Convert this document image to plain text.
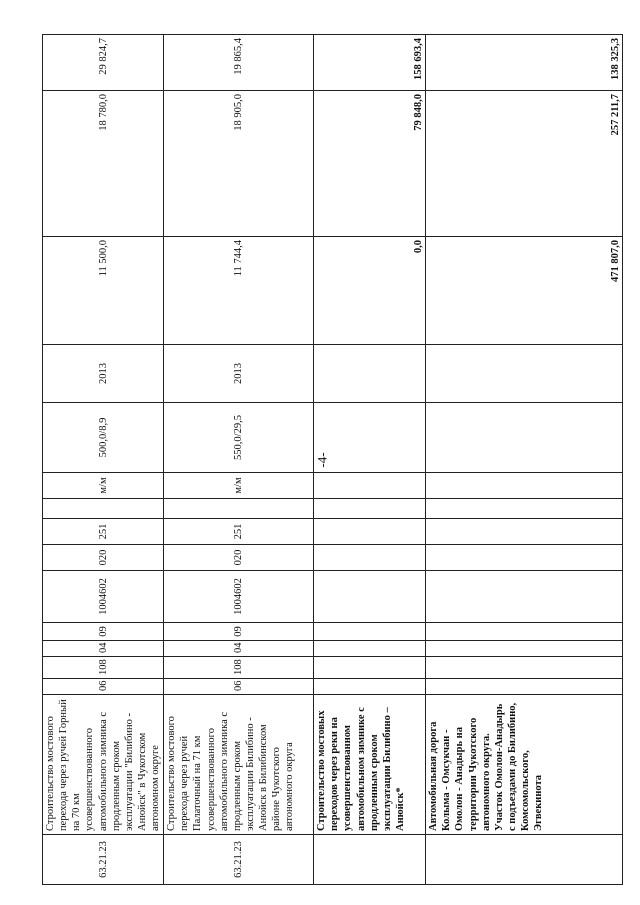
-4-
63.21.23	Строительство мостового перехода через ручей Горный на 70 км усовершенствованного автомобильного зимника с продленным сроком эксплуатации "Билибино - Анюйск" в Чукотском автономном округе	06	108	04	09	1004602	020	251		м/м	500,0/8,9	2013	11 500,0	18 780,0	29 824,7
63.21.23	Строительство мостового перехода через ручей Палаточный на 71 км усовершенствованного автомобильного зимника с продленным сроком эксплуатации Билибино - Анюйск в Билибинском районе Чукотского автономного округа	06	108	04	09	1004602	020	251		м/м	550,0/29,5	2013	11 744,4	18 905,0	19 865,4
	Строительство мостовых переходов через реки на усовершенствованном автомобильном зимнике с продленным сроком эксплуатации Билибино – Анюйск*												0,0	79 848,0	158 693,4
	Автомобильная дорога Колыма - Омсукчан - Омолон - Анадырь на территории Чукотского автономного округа. Участок Омолон-Анадырь с подъездами до Билибино, Комсомольского, Эгвекинота												471 807,0	257 211,7	138 325,3
